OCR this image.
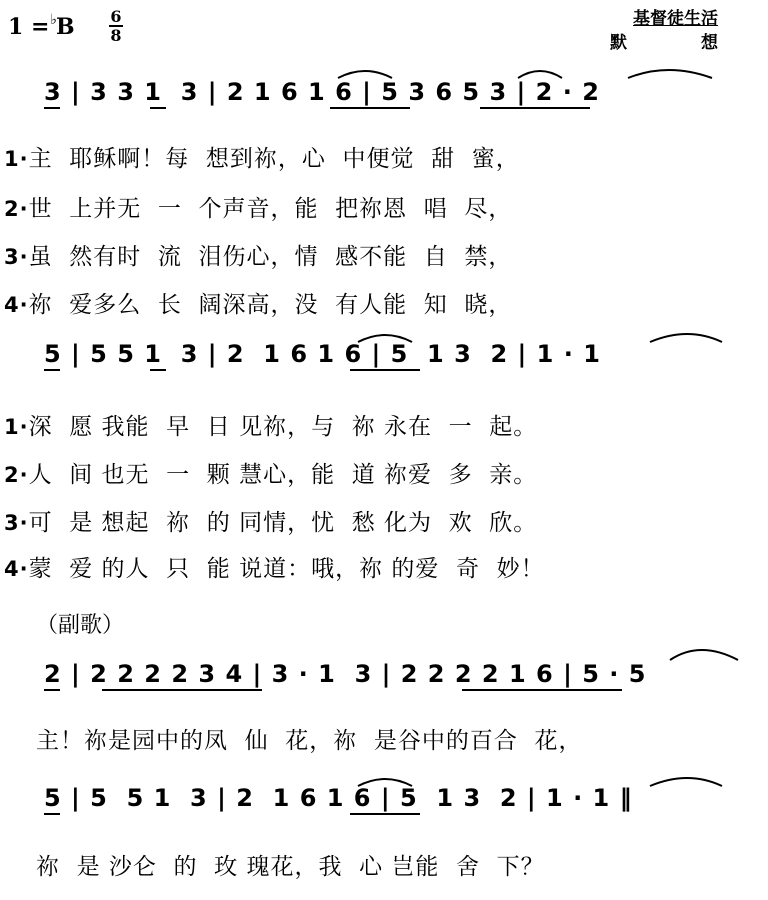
1 =♭B 6
8
基督徒生活
默	想
3 | 3 3 1  3 | 2 1 6 1 6 | 5 3 6 5 3 | 2 · 2
1·主  耶稣啊！每  想到祢，心  中便觉  甜  蜜，
2·世  上并无  一  个声音，能  把祢恩  唱  尽，
3·虽  然有时  流  泪伤心，情  感不能  自  禁，
4·祢  爱多么  长  阔深高，没  有人能  知  晓，
5 | 5 5 1  3 | 2  1 6 1 6 | 5  1 3  2 | 1 · 1
1·深  愿 我能  早  日 见祢，与  祢 永在  一  起。
2·人  间 也无  一  颗 慧心，能  道 祢爱  多  亲。
3·可  是 想起  祢  的 同情，忧  愁 化为  欢  欣。
4·蒙  爱 的人  只  能 说道：哦，祢 的爱  奇  妙！
（副歌）
2 | 2 2 2 2 3 4 | 3 · 1  3 | 2 2 2 2 1 6 | 5 · 5
主！祢是园中的凤  仙  花，祢  是谷中的百合  花，
5 | 5  5 1  3 | 2  1 6 1 6 | 5  1 3  2 | 1 · 1 ‖
祢  是 沙仑  的  玫 瑰花，我  心 岂能  舍  下？
